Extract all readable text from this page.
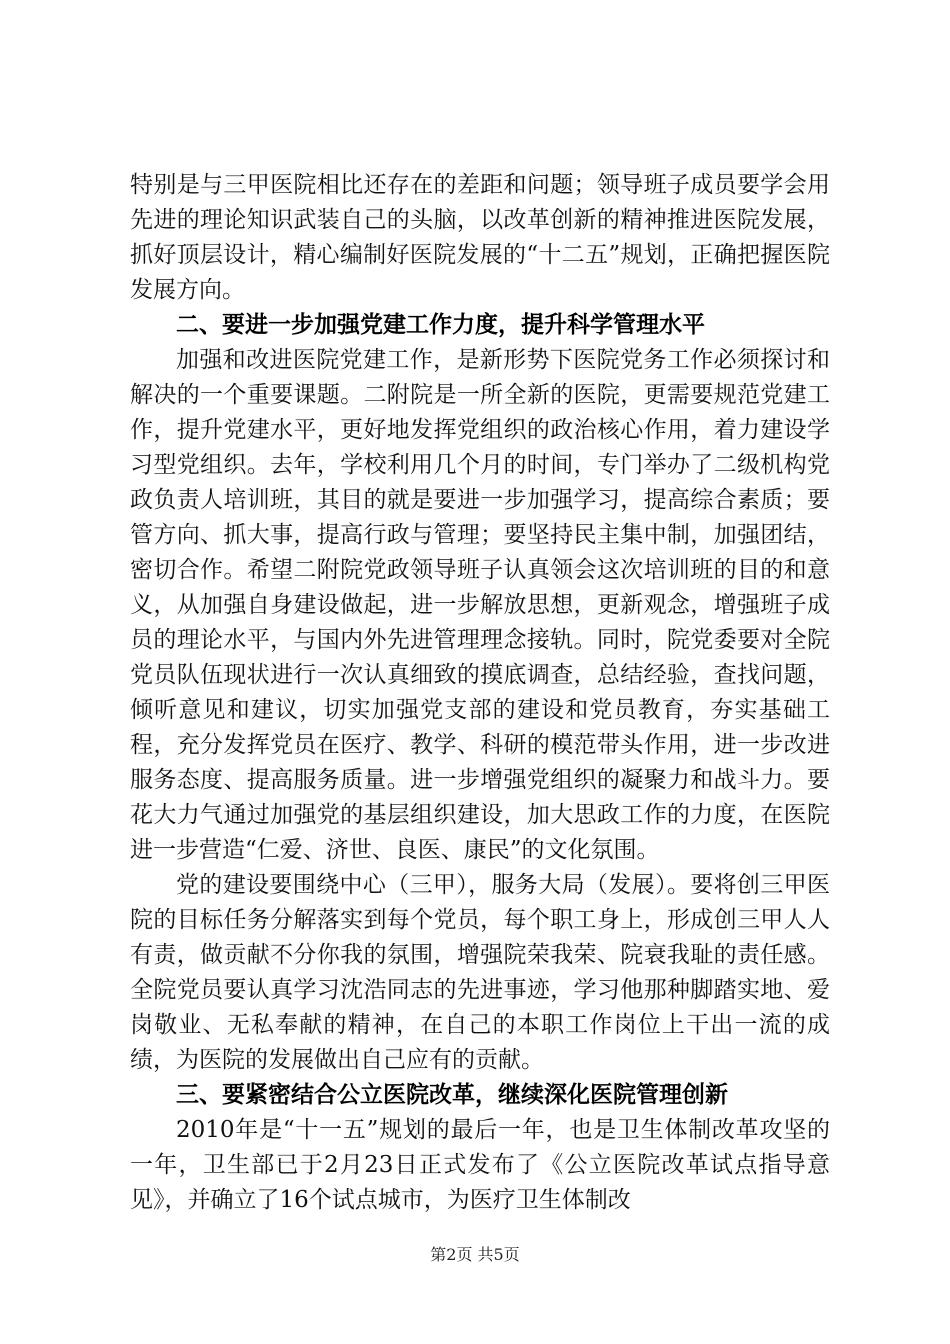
特别是与三甲医院相比还存在的差距和问题；领导班子成员要学会用先进的理论知识武装自己的头脑，以改革创新的精神推进医院发展，抓好顶层设计，精心编制好医院发展的“十二五”规划，正确把握医院发展方向。

二、要进一步加强党建工作力度，提升科学管理水平

加强和改进医院党建工作，是新形势下医院党务工作必须探讨和解决的一个重要课题。二附院是一所全新的医院，更需要规范党建工作，提升党建水平，更好地发挥党组织的政治核心作用，着力建设学习型党组织。去年，学校利用几个月的时间，专门举办了二级机构党政负责人培训班，其目的就是要进一步加强学习，提高综合素质；要管方向、抓大事，提高行政与管理；要坚持民主集中制，加强团结，密切合作。希望二附院党政领导班子认真领会这次培训班的目的和意义，从加强自身建设做起，进一步解放思想，更新观念，增强班子成员的理论水平，与国内外先进管理理念接轨。同时，院党委要对全院党员队伍现状进行一次认真细致的摸底调查，总结经验，查找问题，倾听意见和建议，切实加强党支部的建设和党员教育，夯实基础工程，充分发挥党员在医疗、教学、科研的模范带头作用，进一步改进服务态度、提高服务质量。进一步增强党组织的凝聚力和战斗力。要花大力气通过加强党的基层组织建设，加大思政工作的力度，在医院进一步营造“仁爱、济世、良医、康民”的文化氛围。

党的建设要围绕中心（三甲），服务大局（发展）。要将创三甲医院的目标任务分解落实到每个党员，每个职工身上，形成创三甲人人有责，做贡献不分你我的氛围，增强院荣我荣、院衰我耻的责任感。全院党员要认真学习沈浩同志的先进事迹，学习他那种脚踏实地、爱岗敬业、无私奉献的精神，在自己的本职工作岗位上干出一流的成绩，为医院的发展做出自己应有的贡献。

三、要紧密结合公立医院改革，继续深化医院管理创新

2010年是“十一五”规划的最后一年，也是卫生体制改革攻坚的一年，卫生部已于2月23日正式发布了《公立医院改革试点指导意见》，并确立了16个试点城市，为医疗卫生体制改

第2页 共5页
